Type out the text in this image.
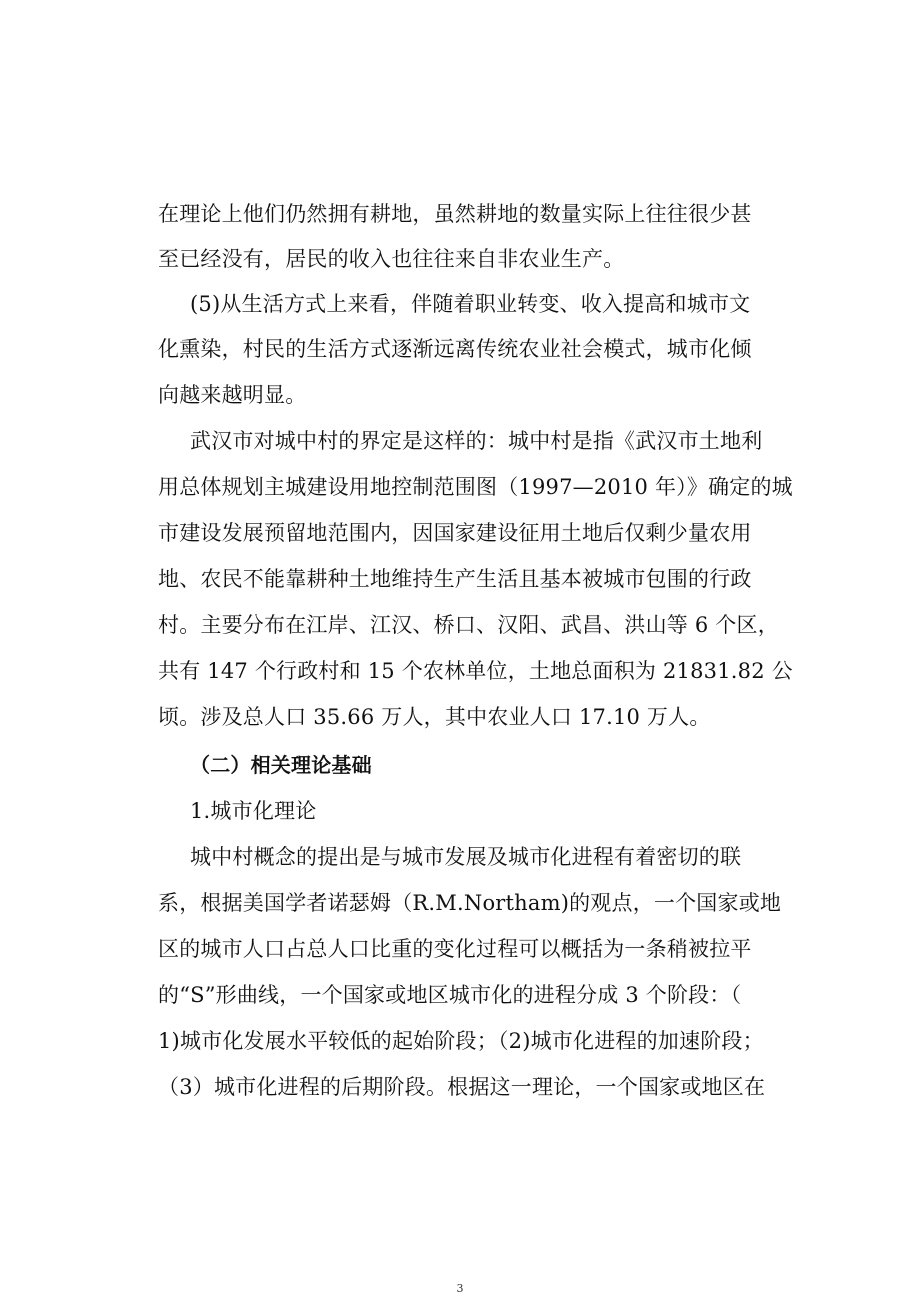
在理论上他们仍然拥有耕地，虽然耕地的数量实际上往往很少甚
至已经没有，居民的收入也往往来自非农业生产。
(5)从生活方式上来看，伴随着职业转变、收入提高和城市文
化熏染，村民的生活方式逐渐远离传统农业社会模式，城市化倾
向越来越明显。
武汉市对城中村的界定是这样的：城中村是指《武汉市土地利
用总体规划主城建设用地控制范围图（1997—2010 年）》确定的城
市建设发展预留地范围内，因国家建设征用土地后仅剩少量农用
地、农民不能靠耕种土地维持生产生活且基本被城市包围的行政
村。主要分布在江岸、江汉、桥口、汉阳、武昌、洪山等 6 个区，
共有 147 个行政村和 15 个农林单位，土地总面积为 21831.82 公
顷。涉及总人口 35.66 万人，其中农业人口 17.10 万人。
（二）相关理论基础
1.城市化理论
城中村概念的提出是与城市发展及城市化进程有着密切的联
系，根据美国学者诺瑟姆（R.M.Northam)的观点，一个国家或地
区的城市人口占总人口比重的变化过程可以概括为一条稍被拉平
的“S”形曲线，一个国家或地区城市化的进程分成 3 个阶段：（
1)城市化发展水平较低的起始阶段；（2)城市化进程的加速阶段；
（3）城市化进程的后期阶段。根据这一理论，一个国家或地区在
3
